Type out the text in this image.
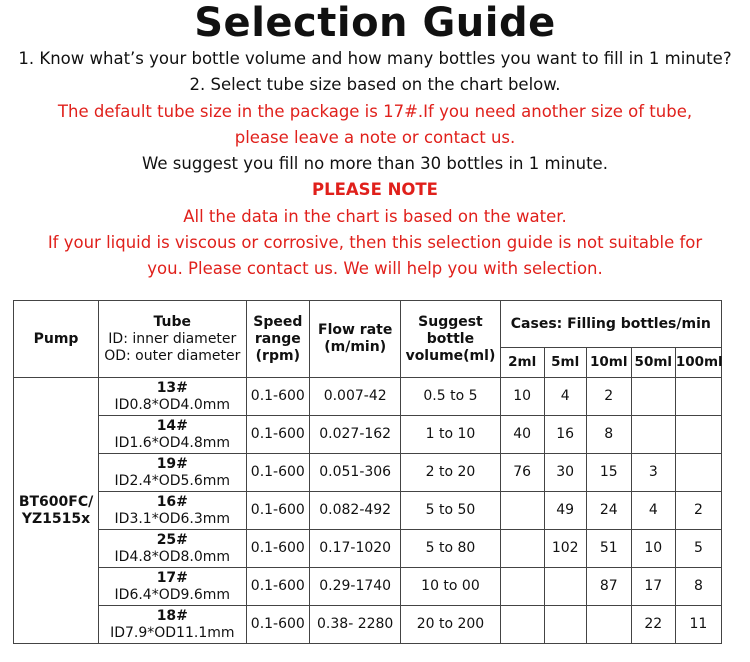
Selection Guide
1. Know what’s your bottle volume and how many bottles you want to fill in 1 minute?
2. Select tube size based on the chart below.
The default tube size in the package is 17#.If you need another size of tube,
please leave a note or contact us.
We suggest you fill no more than 30 bottles in 1 minute.
PLEASE NOTE
All the data in the chart is based on the water.
If your liquid is viscous or corrosive, then this selection guide is not suitable for
you. Please contact us. We will help you with selection.
Pump	Tube
ID: inner diameter
OD: outer diameter	Speed
range
(rpm)	Flow rate
(m/min)	Suggest
bottle
volume(ml)	Cases: Filling bottles/min				
					2ml	5ml	10ml	50ml	100ml

BT600FC/
YZ1515x	13#
ID0.8*OD4.0mm	0.1-600	0.007-42	0.5 to 5	10	4	2		

	14#
ID1.6*OD4.8mm	0.1-600	0.027-162	1 to 10	40	16	8		

	19#
ID2.4*OD5.6mm	0.1-600	0.051-306	2 to 20	76	30	15	3	

	16#
ID3.1*OD6.3mm	0.1-600	0.082-492	5 to 50		49	24	4	2

	25#
ID4.8*OD8.0mm	0.1-600	0.17-1020	5 to 80		102	51	10	5

	17#
ID6.4*OD9.6mm	0.1-600	0.29-1740	10 to 00			87	17	8

	18#
ID7.9*OD11.1mm	0.1-600	0.38- 2280	20 to 200				22	11
